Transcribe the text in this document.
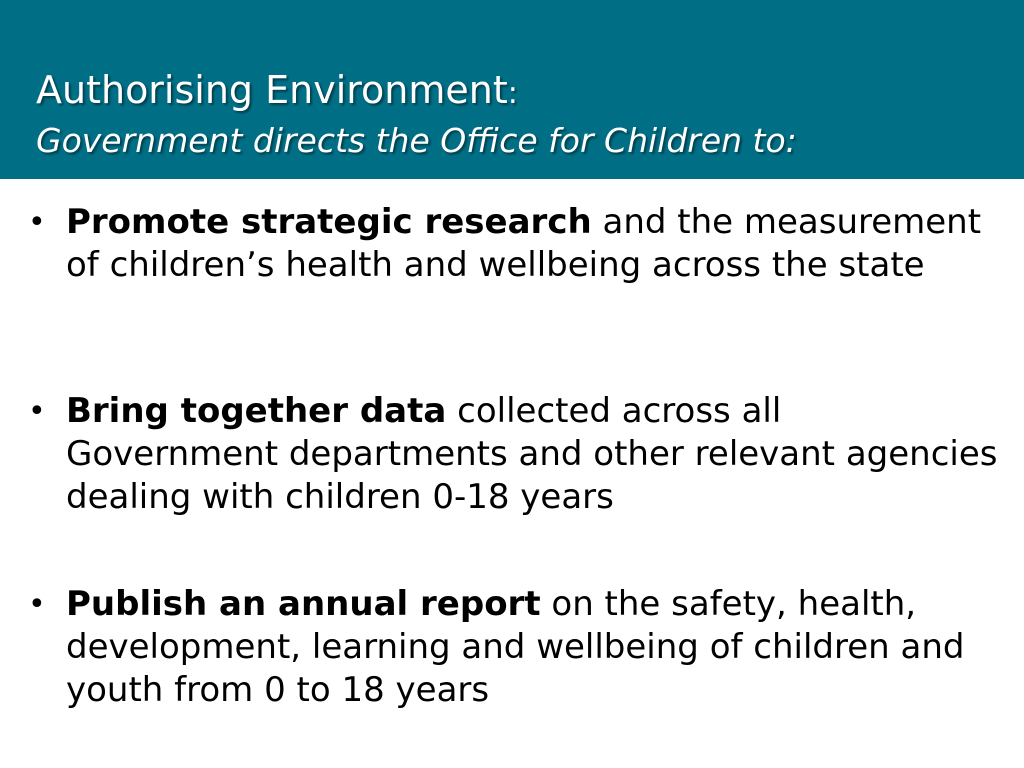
Authorising Environment:
Government directs the Office for Children to:
• Promote strategic research and the measurement of children’s health and wellbeing across the state
• Bring together data collected across all Government departments and other relevant agencies dealing with children 0-18 years
• Publish an annual report on the safety, health, development, learning and wellbeing of children and youth from 0 to 18 years
